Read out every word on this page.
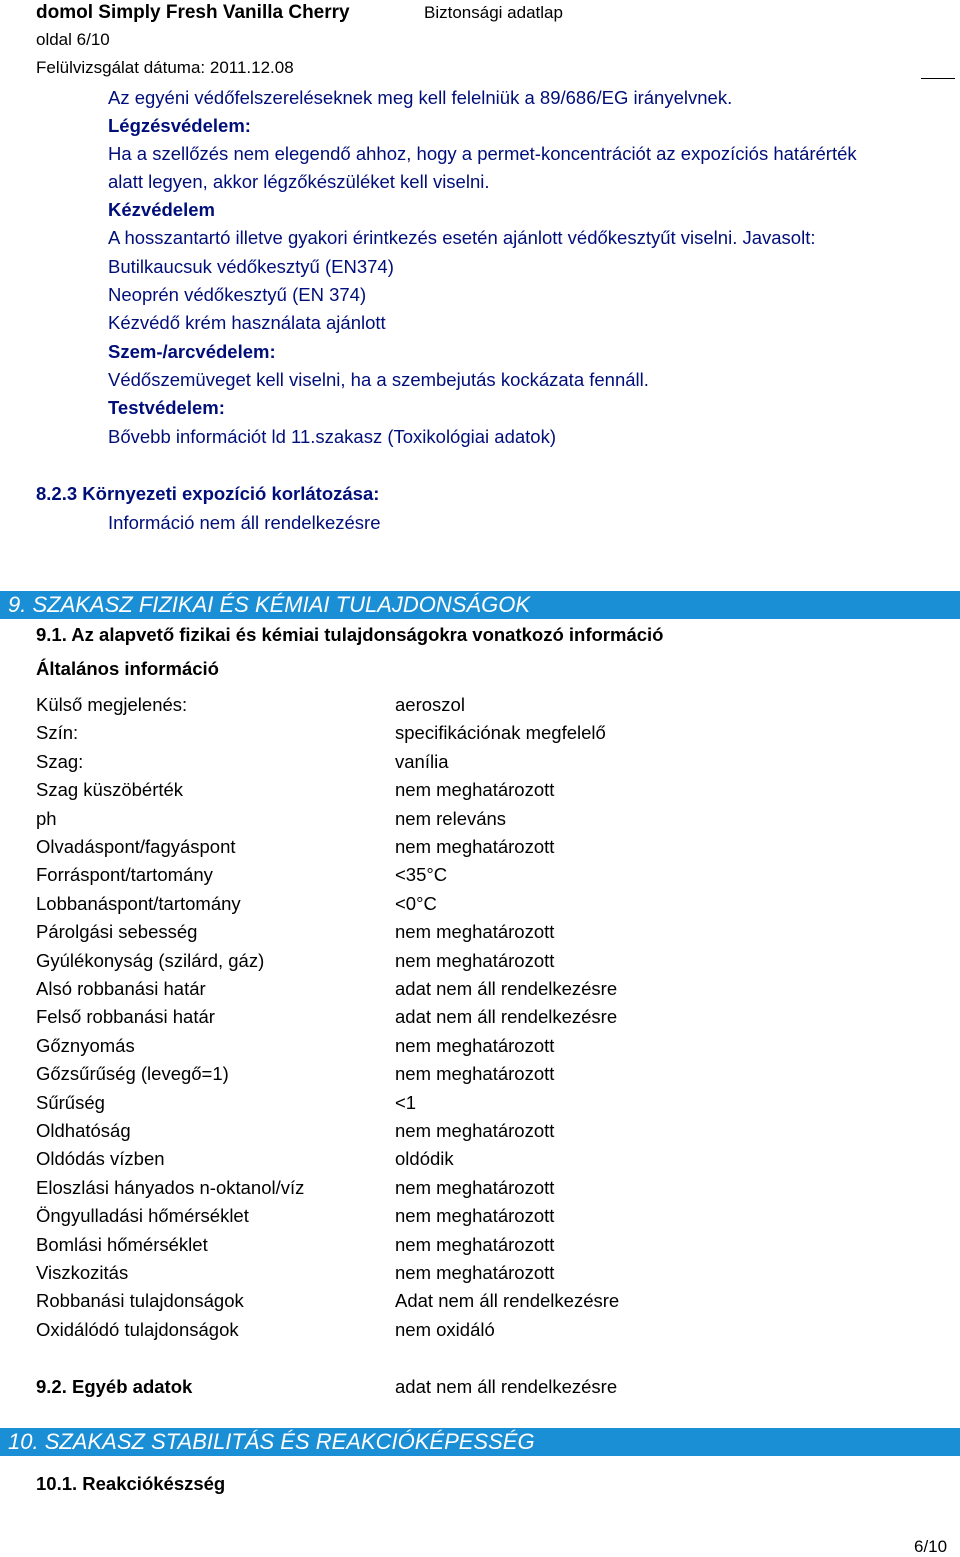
domol Simply Fresh Vanilla Cherry	Biztonsági adatlap
oldal 6/10
Felülvizsgálat dátuma: 2011.12.08
Az egyéni védőfelszereléseknek meg kell felelniük a 89/686/EG irányelvnek.
Légzésvédelem:
Ha a szellőzés nem elegendő ahhoz, hogy a permet-koncentrációt az expozíciós határérték
alatt legyen, akkor légzőkészüléket kell viselni.
Kézvédelem
A hosszantartó illetve gyakori érintkezés esetén ajánlott védőkesztyűt viselni. Javasolt:
Butilkaucsuk védőkesztyű (EN374)
Neoprén védőkesztyű (EN 374)
Kézvédő krém használata ajánlott
Szem-/arcvédelem:
Védőszemüveget kell viselni, ha a szembejutás kockázata fennáll.
Testvédelem:
Bővebb információt ld 11.szakasz (Toxikológiai adatok)
8.2.3 Környezeti expozíció korlátozása:
Információ nem áll rendelkezésre
9. SZAKASZ FIZIKAI ÉS KÉMIAI TULAJDONSÁGOK
9.1. Az alapvető fizikai és kémiai tulajdonságokra vonatkozó információ
Általános információ
Külső megjelenés:	aeroszol
Szín:	specifikációnak megfelelő
Szag:	vanília
Szag küszöbérték	nem meghatározott
ph	nem releváns
Olvadáspont/fagyáspont	nem meghatározott
Forráspont/tartomány	<35°C
Lobbanáspont/tartomány	<0°C
Párolgási sebesség	nem meghatározott
Gyúlékonyság (szilárd, gáz)	nem meghatározott
Alsó robbanási határ	adat nem áll rendelkezésre
Felső robbanási határ	adat nem áll rendelkezésre
Gőznyomás	nem meghatározott
Gőzsűrűség (levegő=1)	nem meghatározott
Sűrűség	<1
Oldhatóság	nem meghatározott
Oldódás vízben	oldódik
Eloszlási hányados n-oktanol/víz	nem meghatározott
Öngyulladási hőmérséklet	nem meghatározott
Bomlási hőmérséklet	nem meghatározott
Viszkozitás	nem meghatározott
Robbanási tulajdonságok	Adat nem áll rendelkezésre
Oxidálódó tulajdonságok	nem oxidáló
9.2. Egyéb adatok	adat nem áll rendelkezésre
10. SZAKASZ STABILITÁS ÉS REAKCIÓKÉPESSÉG
10.1. Reakciókészség
6/10
